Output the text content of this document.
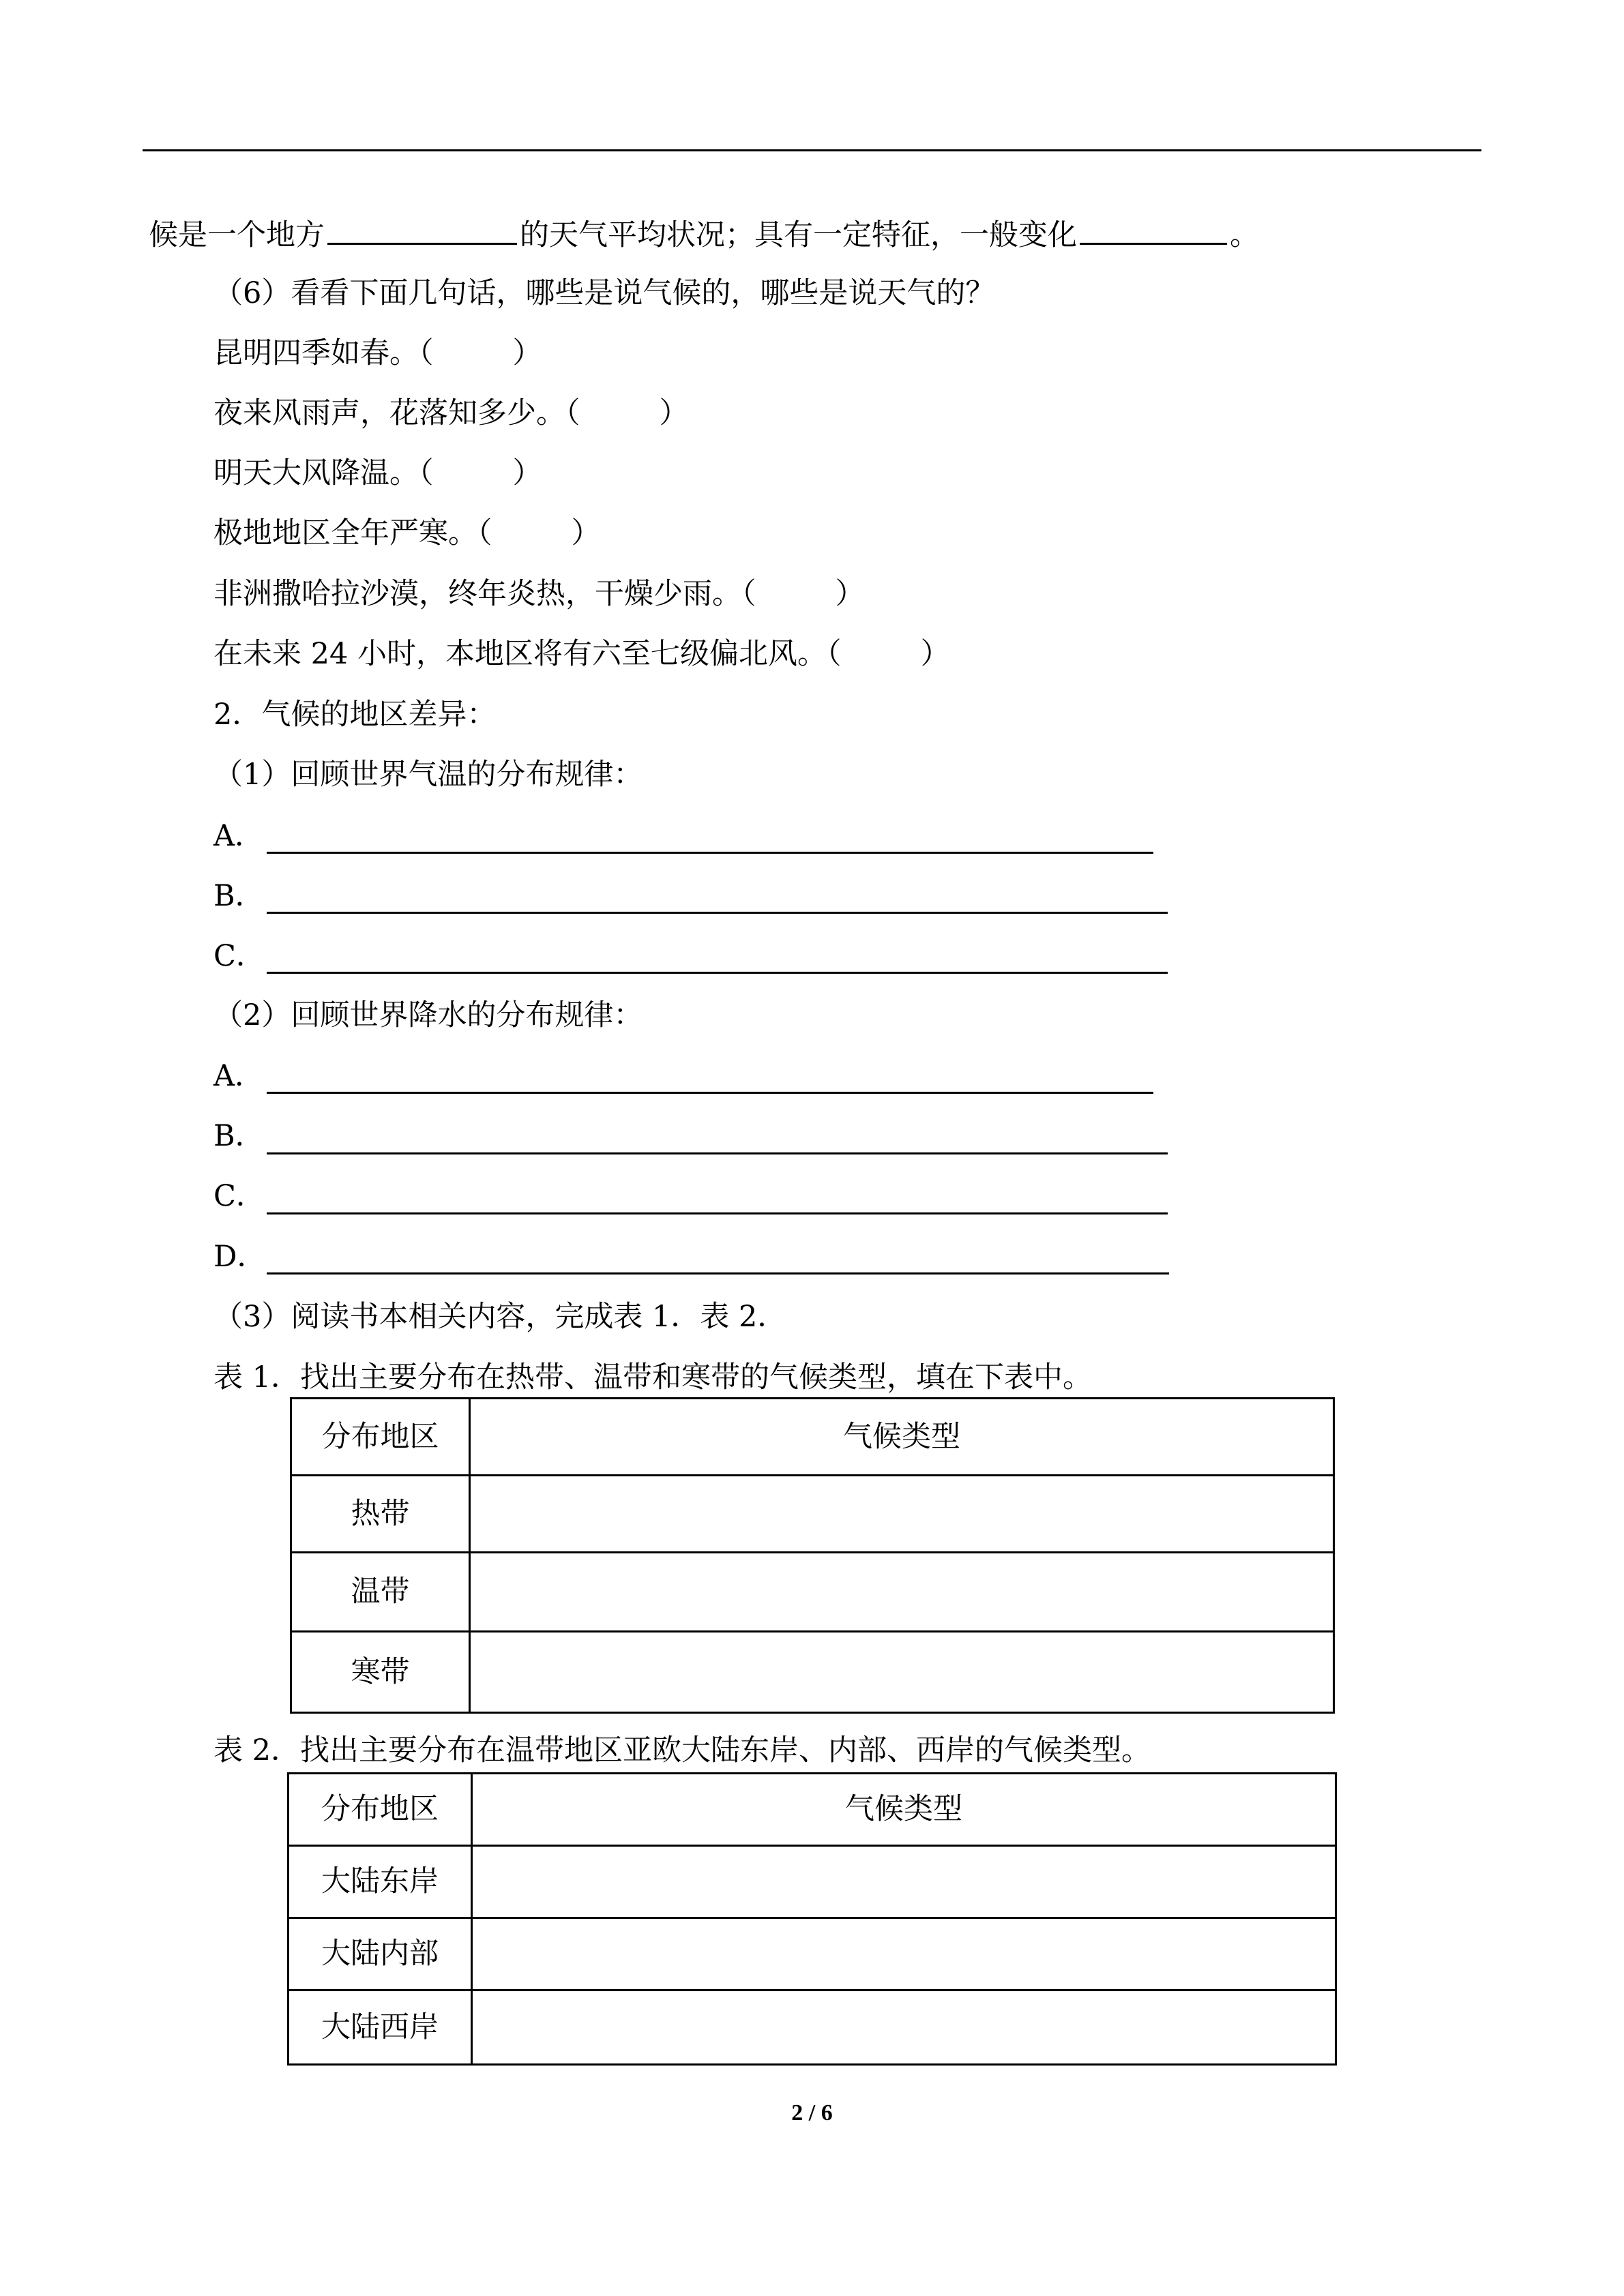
候是一个地方	的天气平均状况；具有一定特征，一般变化	。
（6）看看下面几句话，哪些是说气候的，哪些是说天气的？
昆明四季如春。（	）
夜来风雨声，花落知多少。（	）
明天大风降温。（	）
极地地区全年严寒。（	）
非洲撒哈拉沙漠，终年炎热，干燥少雨。（	）
在未来 24 小时，本地区将有六至七级偏北风。（	）
2．气候的地区差异：
（1）回顾世界气温的分布规律：
A．
B．
C．
（2）回顾世界降水的分布规律：
A．
B．
C．
D．
（3）阅读书本相关内容，完成表 1．表 2．
表 1．找出主要分布在热带、温带和寒带的气候类型，填在下表中。
分布地区	气候类型
热带	
温带	
寒带	
表 2．找出主要分布在温带地区亚欧大陆东岸、内部、西岸的气候类型。
分布地区	气候类型
大陆东岸	
大陆内部	
大陆西岸	
2 / 6
